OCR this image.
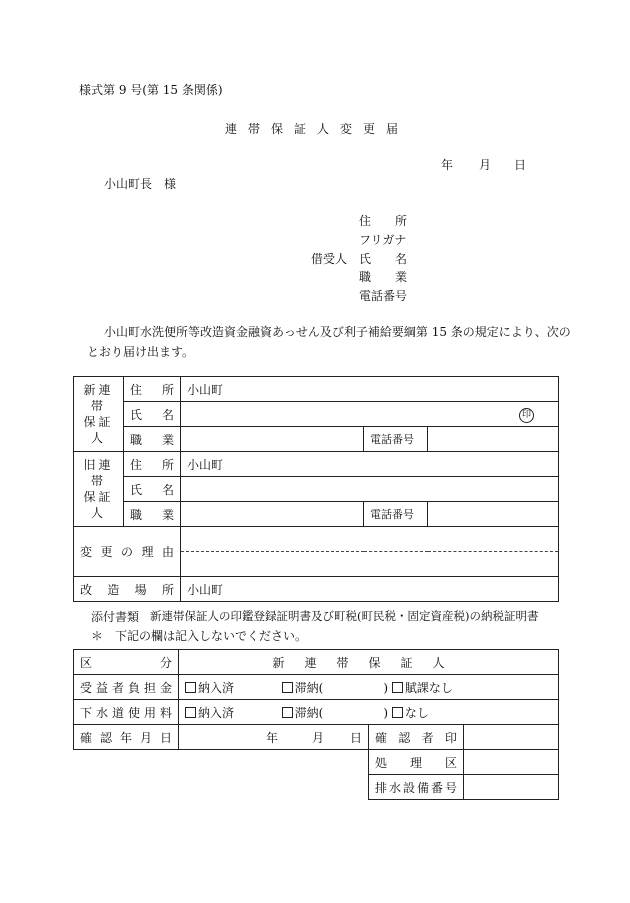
様式第 9 号(第 15 条関係)
連帯保証人変更届
年 月 日
小山町長　様
借受人
住　　所
フリガナ
氏　　名
職　　業
電話番号
小山町水洗便所等改造資金融資あっせん及び利子補給要綱第 15 条の規定により、次の
とおり届け出ます。
新連帯
保証人	住　所	小山町		
	氏　名	印		
	職　業		電話番号	

旧連帯
保証人	住　所	小山町		
	氏　名			
	職　業		電話番号	
変更の理由				

改造場所		小山町		
添付書類 新連帯保証人の印鑑登録証明書及び町税(町民税・固定資産税)の納税証明書
＊　下記の欄は記入しないでください。
区　　　　　分	新連帯保証人		
受益者負担金	納入済 滞納(　　　　　) 賦課なし		
下水道使用料	納入済 滞納(　　　　　) なし		
確認年月日	年 月 日	確認者印	
		処理区	
		排水設備番号	
